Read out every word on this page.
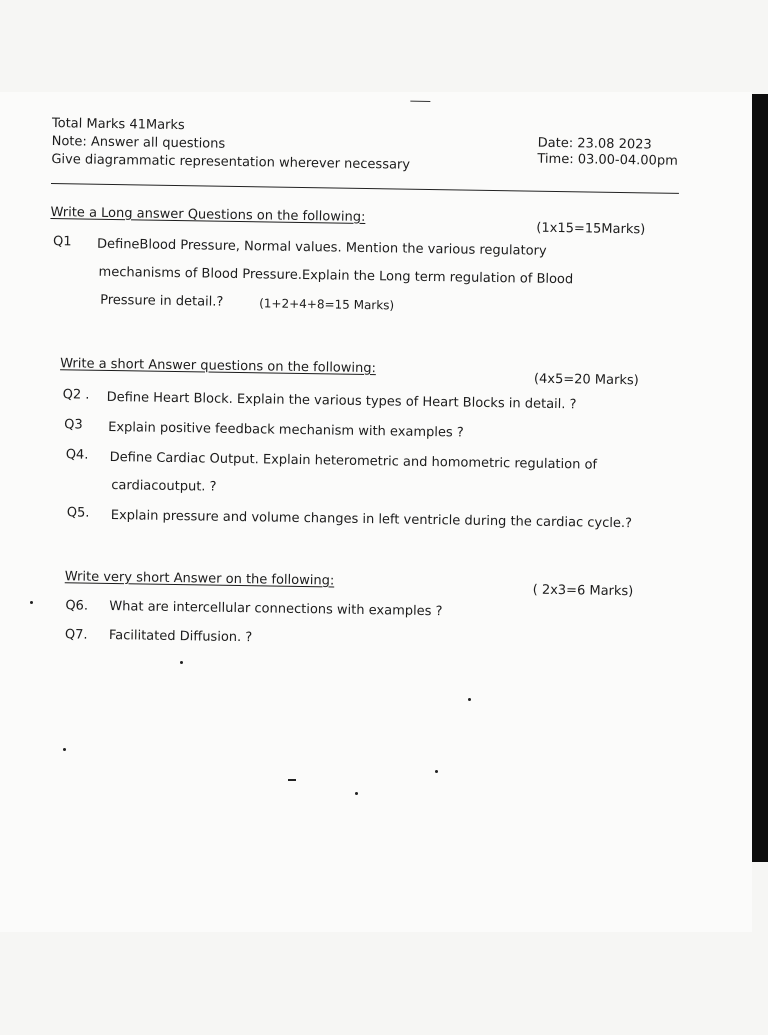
Total Marks 41Marks
Note: Answer all questions
Give diagrammatic representation wherever necessary
Date: 23.08 2023
Time: 03.00-04.00pm
Write a Long answer Questions on the following:
(1x15=15Marks)
Q1 DefineBlood Pressure, Normal values. Mention the various regulatory
mechanisms of Blood Pressure.Explain the Long term regulation of Blood
Pressure in detail.?	(1+2+4+8=15 Marks)
Write a short Answer questions on the following:
(4x5=20 Marks)
Q2 . Define Heart Block. Explain the various types of Heart Blocks in detail. ?
Q3 Explain positive feedback mechanism with examples ?
Q4. Define Cardiac Output. Explain heterometric and homometric regulation of
cardiacoutput. ?
Q5. Explain pressure and volume changes in left ventricle during the cardiac cycle.?
Write very short Answer on the following:
( 2x3=6 Marks)
Q6. What are intercellular connections with examples ?
Q7. Facilitated Diffusion. ?
